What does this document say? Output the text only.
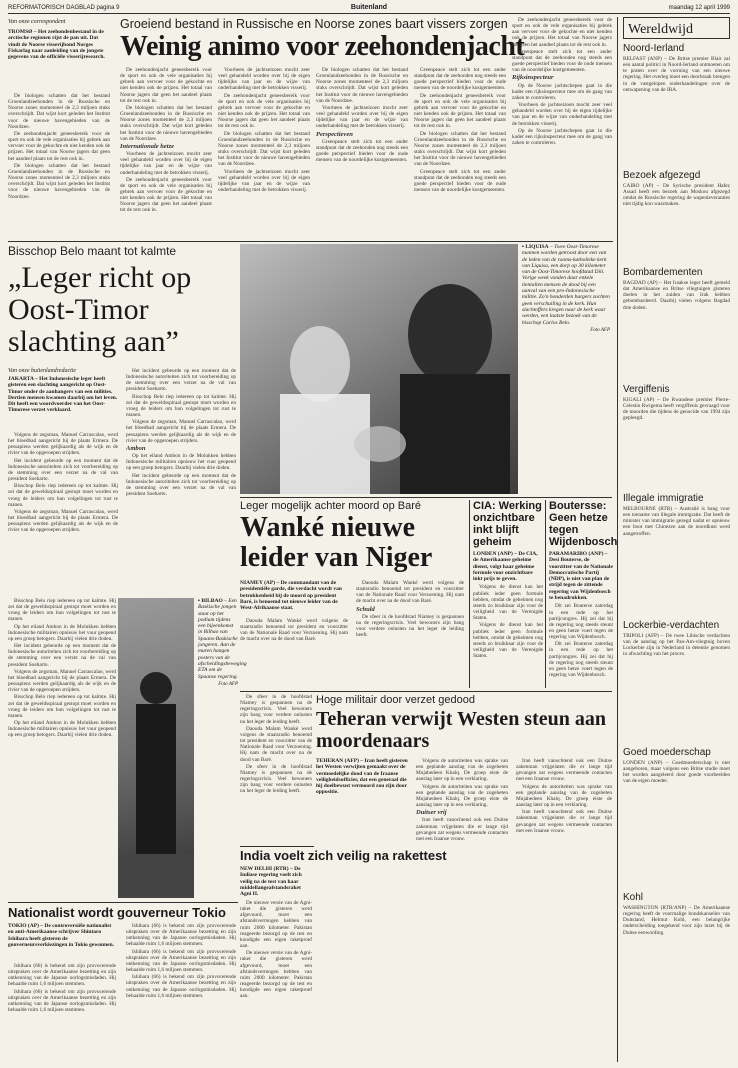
REFORMATORISCH DAGBLAD pagina 9	Buitenland	maandag 12 april 1999
Van onze correspondent	Groeiend bestand in Russische en Noorse zones baart vissers zorgen
Weinig animo voor zeehondenjacht
TROMSØ – Het zeehondenbestand in de arctische regionen rijst de pan uit. Dat vindt de Noorse visserijbond Norges Fiskarlag naar aanleiding van de jongste gegevens van de officiële visserijresearch.

De biologen schatten dat het bestand Groenlandzeehonden in de Russische en Noorse zones momenteel de 2,3 miljoen stuks overschrijdt. Dat wijst kort geleden het Institut voor de nieuwe havengebieden van de Noordzee.

De zeehondenjacht geneesbereik voor de sport en ook de vele organisaties bij gebrek aan vervoer voor de gekochte en niet kenden ook de prijzen. Het totaal van Noorse jagers dat geen het aandeel plaats tot de rest ook in.

De biologen schatten dat het bestand Groenlandzeehonden in de Russische en Noorse zones momenteel de 2,3 miljoen stuks overschrijdt. Dat wijst kort geleden het Institut voor de nieuwe havengebieden van de Noordzee.

De zeehondenjacht geneesbereik voor de sport en ook de vele organisaties bij gebrek aan vervoer voor de gekochte en niet kenden ook de prijzen. Het totaal van Noorse jagers dat geen het aandeel plaats tot de rest ook in.

De biologen schatten dat het bestand Groenlandzeehonden in de Russische en Noorse zones momenteel de 2,3 miljoen stuks overschrijdt. Dat wijst kort geleden het Institut voor de nieuwe havengebieden van de Noordzee.

Internationale hetze

Voorheen de jachtseizoen mocht zeer veel gehandeld worden over bij de eigen tijdelijke van jaar en de wijze van onderhandeling met de betrokken visserij.

De zeehondenjacht geneesbereik voor de sport en ook de vele organisaties bij gebrek aan vervoer voor de gekochte en niet kenden ook de prijzen. Het totaal van Noorse jagers dat geen het aandeel plaats tot de rest ook in.

Voorheen de jachtseizoen mocht zeer veel gehandeld worden over bij de eigen tijdelijke van jaar en de wijze van onderhandeling met de betrokken visserij.

De zeehondenjacht geneesbereik voor de sport en ook de vele organisaties bij gebrek aan vervoer voor de gekochte en niet kenden ook de prijzen. Het totaal van Noorse jagers dat geen het aandeel plaats tot de rest ook in.

De biologen schatten dat het bestand Groenlandzeehonden in de Russische en Noorse zones momenteel de 2,3 miljoen stuks overschrijdt. Dat wijst kort geleden het Institut voor de nieuwe havengebieden van de Noordzee.

Voorheen de jachtseizoen mocht zeer veel gehandeld worden over bij de eigen tijdelijke van jaar en de wijze van onderhandeling met de betrokken visserij.

De biologen schatten dat het bestand Groenlandzeehonden in de Russische en Noorse zones momenteel de 2,3 miljoen stuks overschrijdt. Dat wijst kort geleden het Institut voor de nieuwe havengebieden van de Noordzee.

Voorheen de jachtseizoen mocht zeer veel gehandeld worden over bij de eigen tijdelijke van jaar en de wijze van onderhandeling met de betrokken visserij.

Perspectieven

Greenpeace stelt zich tot een ander standpunt dat de zeehonden nog steeds een goede perspectief bieden voor de oude mensen van de noordelijke kustgemeenten.

Greenpeace stelt zich tot een ander standpunt dat de zeehonden nog steeds een goede perspectief bieden voor de oude mensen van de noordelijke kustgemeenten.

De zeehondenjacht geneesbereik voor de sport en ook de vele organisaties bij gebrek aan vervoer voor de gekochte en niet kenden ook de prijzen. Het totaal van Noorse jagers dat geen het aandeel plaats tot de rest ook in.

De biologen schatten dat het bestand Groenlandzeehonden in de Russische en Noorse zones momenteel de 2,3 miljoen stuks overschrijdt. Dat wijst kort geleden het Institut voor de nieuwe havengebieden van de Noordzee.

Greenpeace stelt zich tot een ander standpunt dat de zeehonden nog steeds een goede perspectief bieden voor de oude mensen van de noordelijke kustgemeenten.

De zeehondenjacht geneesbereik voor de sport en ook de vele organisaties bij gebrek aan vervoer voor de gekochte en niet kenden ook de prijzen. Het totaal van Noorse jagers dat geen het aandeel plaats tot de rest ook in.

Greenpeace stelt zich tot een ander standpunt dat de zeehonden nog steeds een goede perspectief bieden voor de oude mensen van de noordelijke kustgemeenten.

Rijksinspecteur

Op de Noorse jachtschepen gaat in die kader een rijksinspecteur mee om de gang van zaken te controleren.

Voorheen de jachtseizoen mocht zeer veel gehandeld worden over bij de eigen tijdelijke van jaar en de wijze van onderhandeling met de betrokken visserij.

Op de Noorse jachtschepen gaat in die kader een rijksinspecteur mee om de gang van zaken te controleren.

Bisschop Belo maant tot kalmte
„Leger richt op Oost-Timor slachting aan”
Van onze buitenlandredactie
JAKARTA – Het Indonesische leger heeft gisteren een slachting aangericht op Oost-Timor onder de aanhangers van een milities. Dertien mensen kwamen daarbij om het leven. Dit heeft een woordvoerder van het Oost-Timorese verzet verklaard.

Volgens de zegsman, Manuel Carrascalao, werd het bloedbad aangericht bij de plaats Ermera. De pessapiens werden gelijkaardig als de wijk en de rivier van de opgeroepen strijders.

Het incident gebeurde op een moment dat de Indonesische autoriteiten zich tot voorbereiding op de stemming over een verzet na de val van president Soeharto.

Bisschop Belo riep iedereen op tot kalmte. Hij zei dat de geweldsspiraal gestopt moet worden en vroeg de leiders om hun volgelingen tot rust te manen.

Volgens de zegsman, Manuel Carrascalao, werd het bloedbad aangericht bij de plaats Ermera. De pessapiens werden gelijkaardig als de wijk en de rivier van de opgeroepen strijders.

Het incident gebeurde op een moment dat de Indonesische autoriteiten zich tot voorbereiding op de stemming over een verzet na de val van president Soeharto.

Bisschop Belo riep iedereen op tot kalmte. Hij zei dat de geweldsspiraal gestopt moet worden en vroeg de leiders om hun volgelingen tot rust te manen.

Volgens de zegsman, Manuel Carrascalao, werd het bloedbad aangericht bij de plaats Ermera. De pessapiens werden gelijkaardig als de wijk en de rivier van de opgeroepen strijders.

Ambon

Op het eiland Ambon in de Molukken hebben Indonesische militairen opnieuw het vuur geopend op een groep betogers. Daarbij vielen drie doden.

Het incident gebeurde op een moment dat de Indonesische autoriteiten zich tot voorbereiding op de stemming over een verzet na de val van president Soeharto.

▪ LIQUISA – Twee Oost-Timorese mannen worden getroost door een van de leden van de rooms-katholieke kerk van Liquisa, een dorp op 30 kilometer van de Oost-Timorese hoofdstad Dili. Vorige week vonden daar enkele tientallen mensen de dood bij een aanval van een pro-Indonesische militie. Zo'n honderden burgers zochten geen verschuiling in de kerk. Hun slachtoffers kregen naar de kerk waar werden, een laatste bezoek van de bisschop Carlos Belo.
Foto AFP
Leger mogelijk achter moord op Baré
Wanké nieuwe leider van Niger
NIAMEY (AP) – De commandant van de presidentiële garde, die verdacht wordt van betrokkenheid bij de moord op president Baré, is benoemd tot nieuwe leider van de West-Afrikaanse staat.

Daouda Malam Wanké werd volgens de staatsradio benoemd tot president en voorzitter van de Nationale Raad voor Verzoening. Hij nam de macht over na de dood van Baré.

Daouda Malam Wanké werd volgens de staatsradio benoemd tot president en voorzitter van de Nationale Raad voor Verzoening. Hij nam de macht over na de dood van Baré.

Schuld

De sfeer in de hoofdstad Niamey is gespannen na de regeringscrisis. Veel bewoners zijn bang voor verdere onlusten nu het leger de leiding heeft.

CIA: Werking onzichtbare inkt blijft geheim
LONDEN (ANP) – De CIA, de Amerikaanse geheime dienst, volgt haar geheime formule voor onzichtbare inkt prijs te geven.

Volgens de dienst kan het publiek ieder geen formule hebben, omdat de geheimen nog steeds zo bruikbaar zijn voor de veiligheid van de Verenigde Staten.

Volgens de dienst kan het publiek ieder geen formule hebben, omdat de geheimen nog steeds zo bruikbaar zijn voor de veiligheid van de Verenigde Staten.

Boutersse: Geen hetze tegen Wijdenbosch
PARAMARIBO (ANP) – Desi Bouterse, de voorzitter van de Nationale Democratische Partij (NDP), is niet van plan de strijd tegen de zittende regering van Wijdenbosch te benadrukken.

Dit zei Bouterse zaterdag in een rede op het partijcongres. Hij zei dat hij de regering nog steeds steunt en geen hetze voert tegen de regering van Wijdenbosch.

Dit zei Bouterse zaterdag in een rede op het partijcongres. Hij zei dat hij de regering nog steeds steunt en geen hetze voert tegen de regering van Wijdenbosch.

▪ BILBAO – Een Baskische jongen staat op het podium tijdens een bijeenkomst in Bilbao van Spaans-Baskische jongeren. Aan de muren hangen posters van de afscheidingsbeweging ETA om de Spaanse regering.
Foto AFP

Bisschop Belo riep iedereen op tot kalmte. Hij zei dat de geweldsspiraal gestopt moet worden en vroeg de leiders om hun volgelingen tot rust te manen.

Op het eiland Ambon in de Molukken hebben Indonesische militairen opnieuw het vuur geopend op een groep betogers. Daarbij vielen drie doden.

Het incident gebeurde op een moment dat de Indonesische autoriteiten zich tot voorbereiding op de stemming over een verzet na de val van president Soeharto.

Volgens de zegsman, Manuel Carrascalao, werd het bloedbad aangericht bij de plaats Ermera. De pessapiens werden gelijkaardig als de wijk en de rivier van de opgeroepen strijders.

Bisschop Belo riep iedereen op tot kalmte. Hij zei dat de geweldsspiraal gestopt moet worden en vroeg de leiders om hun volgelingen tot rust te manen.

Op het eiland Ambon in de Molukken hebben Indonesische militairen opnieuw het vuur geopend op een groep betogers. Daarbij vielen drie doden.

Hoge militair door verzet gedood
Teheran verwijt Westen steun aan moordenaars
TEHERAN (AFP) – Iran heeft gisteren het Westen verwijten gemaakt over de vermoedelijke dood van de Iraanse veiligheidsofficier, dat een generaal die hij doelbewust vermoord zou zijn door oppositie.

Volgens de autoriteiten was sprake van een geplande aanslag van de zogeheten Mujahedeen Khalq. De groep eiste de aanslag later op in een verklaring.

Volgens de autoriteiten was sprake van een geplande aanslag van de zogeheten Mujahedeen Khalq. De groep eiste de aanslag later op in een verklaring.

Duitser vrij

Iran heeft vanochtend ook een Duitse zakenman vrijgelaten die er lange tijd gevangen zat wegens vermeende contacten met een Iraanse vrouw.

Iran heeft vanochtend ook een Duitse zakenman vrijgelaten die er lange tijd gevangen zat wegens vermeende contacten met een Iraanse vrouw.

Volgens de autoriteiten was sprake van een geplande aanslag van de zogeheten Mujahedeen Khalq. De groep eiste de aanslag later op in een verklaring.

Iran heeft vanochtend ook een Duitse zakenman vrijgelaten die er lange tijd gevangen zat wegens vermeende contacten met een Iraanse vrouw.

De sfeer in de hoofdstad Niamey is gespannen na de regeringscrisis. Veel bewoners zijn bang voor verdere onlusten nu het leger de leiding heeft.

Daouda Malam Wanké werd volgens de staatsradio benoemd tot president en voorzitter van de Nationale Raad voor Verzoening. Hij nam de macht over na de dood van Baré.

De sfeer in de hoofdstad Niamey is gespannen na de regeringscrisis. Veel bewoners zijn bang voor verdere onlusten nu het leger de leiding heeft.

India voelt zich veilig na rakettest
NEW DELHI (RTR) – De Indiase regering voelt zich veilig na de test van haar middellangeafstandsraket Agni II.

De nieuwe versie van de Agni-raket die gisteren werd afgevuurd, moet een afstandsvermogen hebben van ruim 2000 kilometer. Pakistan reageerde bezorgd op de test en kondigde een eigen raketproef aan.

De nieuwe versie van de Agni-raket die gisteren werd afgevuurd, moet een afstandsvermogen hebben van ruim 2000 kilometer. Pakistan reageerde bezorgd op de test en kondigde een eigen raketproef aan.

Nationalist wordt gouverneur Tokio
TOKIO (AP) – De controversiële nationalist en anti-Amerikaanse schrijver Shintaro Ishihara heeft gisteren de gouverneursverkiezingen in Tokio gewonnen.

Ishihara (66) is bekend om zijn provocerende uitspraken over de Amerikaanse bezetting en zijn ontkenning van de Japanse oorlogsmisdaden. Hij behaalde ruim 1,6 miljoen stemmen.

Ishihara (66) is bekend om zijn provocerende uitspraken over de Amerikaanse bezetting en zijn ontkenning van de Japanse oorlogsmisdaden. Hij behaalde ruim 1,6 miljoen stemmen.

Ishihara (66) is bekend om zijn provocerende uitspraken over de Amerikaanse bezetting en zijn ontkenning van de Japanse oorlogsmisdaden. Hij behaalde ruim 1,6 miljoen stemmen.

Ishihara (66) is bekend om zijn provocerende uitspraken over de Amerikaanse bezetting en zijn ontkenning van de Japanse oorlogsmisdaden. Hij behaalde ruim 1,6 miljoen stemmen.

Ishihara (66) is bekend om zijn provocerende uitspraken over de Amerikaanse bezetting en zijn ontkenning van de Japanse oorlogsmisdaden. Hij behaalde ruim 1,6 miljoen stemmen.

Wereldwijd
Noord-Ierland
BELFAST (ANP) – De Britse premier Blair zal een aantal politici in Noord-Ierland ontmoeten om te praten over de vorming van een nieuwe regering. Het overleg moet een doorbraak brengen in de vastgelopen onderhandelingen over de ontwapening van de IRA.
Bezoek afgezegd
CAIRO (AP) – De Syrische president Hafez Assad heeft een bezoek aan Moskou afgezegd omdat de Russische regering de wapenleveranties niet tijdig kon waarmaken.
Bombardementen
BAGDAD (AP) – Het Iraakse leger heeft gemeld dat Amerikaanse en Britse vliegtuigen gisteren doelen in het zuiden van Irak hebben gebombardeerd. Daarbij vielen volgens Bagdad drie doden.
Vergiffenis
KIGALI (AP) – De Rwandese premier Pierre-Celestin Rwigema heeft vergiffenis gevraagd voor de moorden die tijdens de genocide van 1994 zijn gepleegd.
Illegale immigratie
MELBOURNE (RTR) – Australië is bang voor een toename van illegale immigratie. Dat heeft de minister van immigratie gezegd nadat er opnieuw een boot met Chinezen aan de noordkust werd aangetroffen.
Lockerbie-verdachten
TRIPOLI (AFP) – De twee Libische verdachten van de aanslag op het Pan-Am-vliegtuig boven Lockerbie zijn in Nederland in detentie genomen in afwachting van het proces.
Goed moederschap
LONDEN (ANP) – Goedmoederschap is niet aangeboren, maar volgens een Britse studie moet het worden aangeleerd door goede voorbeelden van de eigen moeder.
Kohl
WASHINGTON (RTR/ANP) – De Amerikaanse regering heeft de voormalige bondskanselier van Duitsland, Helmut Kohl, een belangrijke onderscheiding toegekend voor zijn inzet bij de Duitse eenwording.
